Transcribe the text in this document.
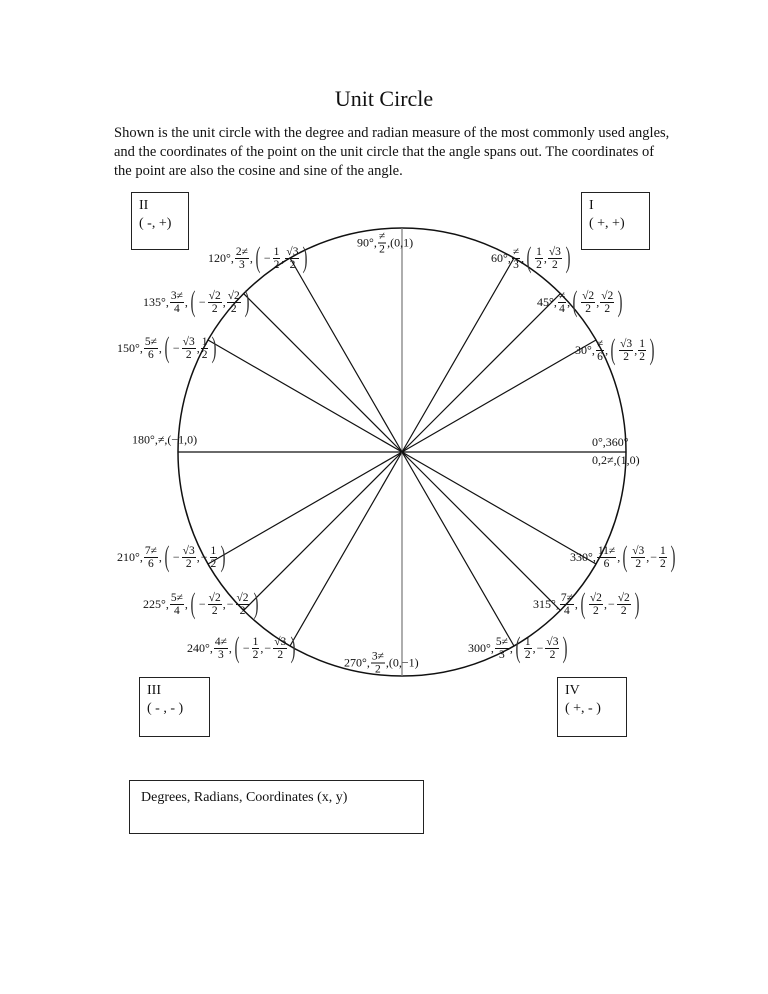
Unit Circle
Shown is the unit circle with the degree and radian measure of the most commonly used angles, and the coordinates of the point on the unit circle that the angle spans out. The coordinates of the point are also the cosine and sine of the angle.
II
( -, +)
I
( +, +)
III
( - , - )
IV
( +, - )
Degrees, Radians, Coordinates (x, y)
90° , $\frac{\ne}{2}$ , (0,1)
60° , $\frac{\ne}{3}$ , ( $\frac{1}{2}$ , $\frac{√3}{2}$ )
45° , $\frac{\ne}{4}$ , ( $\frac{√2}{2}$ , $\frac{√2}{2}$ )
30° , $\frac{\ne}{6}$ , ( $\frac{√3}{2}$ , $\frac{1}{2}$ )
0°,360°
0,2≠,(1,0)
120° , $\frac{2\ne}{3}$ , ( − $\frac{1}{2}$ , $\frac{√3}{2}$ )
135° , $\frac{3\ne}{4}$ , ( − $\frac{√2}{2}$ , $\frac{√2}{2}$ )
150° , $\frac{5\ne}{6}$ , ( − $\frac{√3}{2}$ , $\frac{1}{2}$ )
180° , ≠ , (−1,0)
210° , $\frac{7\ne}{6}$ , ( − $\frac{√3}{2}$ , − $\frac{1}{2}$ )
225° , $\frac{5\ne}{4}$ , ( − $\frac{√2}{2}$ , − $\frac{√2}{2}$ )
240° , $\frac{4\ne}{3}$ , ( − $\frac{1}{2}$ , − $\frac{√3}{2}$ )	270° , $\frac{3\ne}{2}$ , (0,−1)
300° , $\frac{5\ne}{3}$ , ( $\frac{1}{2}$ , − $\frac{√3}{2}$ )
315° , $\frac{7\ne}{4}$ , ( $\frac{√2}{2}$ , − $\frac{√2}{2}$ )
330° , $\frac{11\ne}{6}$ , ( $\frac{√3}{2}$ , − $\frac{1}{2}$ )
